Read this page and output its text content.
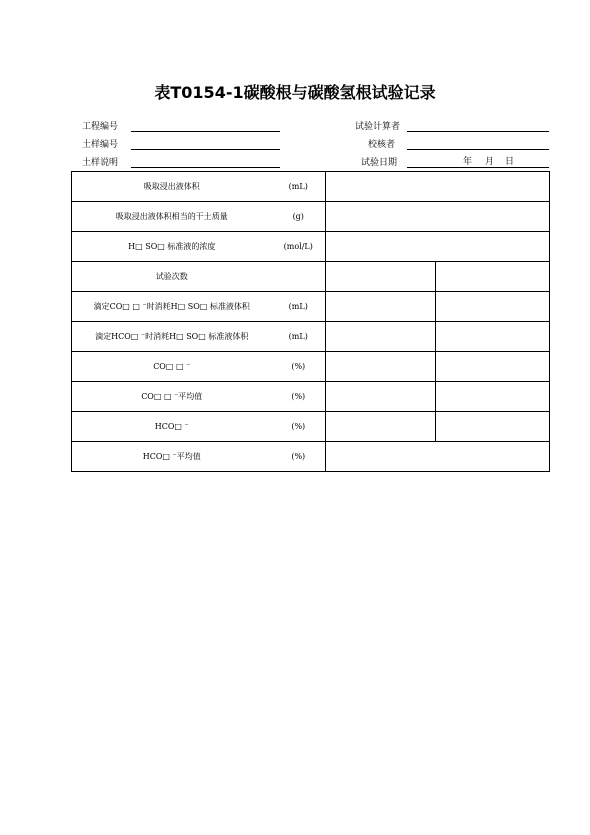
表T0154-1碳酸根与碳酸氢根试验记录
工程编号
土样编号
土样说明
试验计算者
校核者
试验日期	年 月 日
吸取浸出液体积	(mL)		
吸取浸出液体积相当的干土质量	(g)		
H□ SO□ 标准液的浓度	(mol/L)		
试验次数			
滴定CO□ □ ⁻时消耗H□ SO□ 标准液体积	(mL)		
滴定HCO□ ⁻时消耗H□ SO□ 标准液体积	(mL)		
CO□ □ ⁻	(%)		
CO□ □ ⁻平均值	(%)		
HCO□ ⁻	(%)		
HCO□ ⁻平均值	(%)		
